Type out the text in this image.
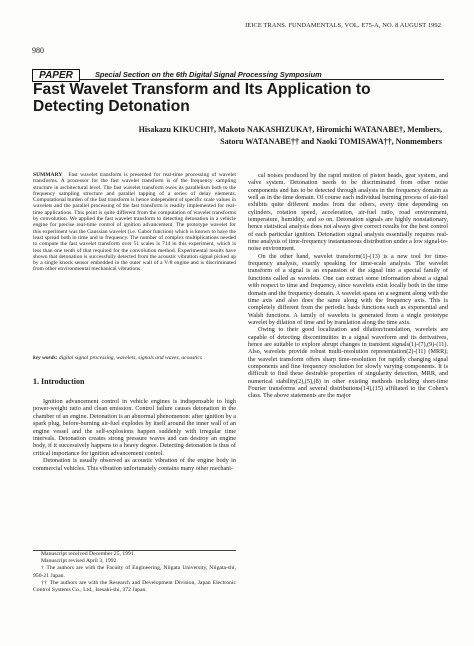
980
IEICE TRANS. FUNDAMENTALS, VOL. E75-A, NO. 8 AUGUST 1992
PAPER	Special Section on the 6th Digital Signal Processing Symposium
Fast Wavelet Transform and Its Application to Detecting Detonation
Hisakazu KIKUCHI†, Makoto NAKASHIZUKA†, Hiromichi WATANABE†, Members,
Satoru WATANABE†† and Naoki TOMISAWA††, Nonmembers
SUMMARY Fast wavelet transform is presented for real-time processing of wavelet transforms. A processor for the fast wavelet transform is of the frequency sampling structure in architectural level. The fast wavelet transform owes its parallelism both to the frequency sampling structure and parallel tapping of a series of delay elements. Computational burden of the fast transform is hence independent of specific scale values in wavelets and the parallel processing of the fast transform is readily implemented for real-time applications. This point is quite different from the computation of wavelet transforms by convolution. We applied the fast wavelet transform to detecting detonation in a vehicle engine for precise real-time control of ignition advancement. The prototype wavelet for this experiment was the Gaussian wavelet (i.e. Gabor function) which is known to have the least spread both in time and in frequency. The number of complex multiplications needed to compute the fast wavelet transform over 51 scales is 714 in this experiment, which is less than one tenth of that required for the convolution method. Experimental results have shown that detonation is successfully detected from the acoustic vibration signal picked up by a single knock sensor embedded in the outer wall of a V/8 engine and is discriminated from other environmental mechanical vibrations.
key words: digital signal processing, wavelets, signals and waves, acoustics
1. Introduction

Ignition advancement control in vehicle engines is indispensable to high power-weight ratio and clean emission. Control failure causes detonation in the chamber of an engine. Detonation is an abnormal phenomenon: after ignition by a spark plug, before-burning air-fuel explodes by itself around the inner wall of an engine vessel and the self-explosions happen suddenly with irregular time intervals. Detonation creates strong pressure waves and can destroy an engine body, if it successively happens to a heavy degree. Detecting detonation is thus of critical importance for ignition advancement control.

Detonation is usually observed as acoustic vibration of the engine body in commercial vehicles. This vibration unfortunately contains many other mechani-

Manuscript received December 25, 1991.
Manuscript revised April 3, 1992.
† The authors are with the Faculty of Engineering, Niigata University, Niigata-shi, 950-21 Japan.
†† The authors are with the Research and Development Division, Japan Electronic Control Systems Co., Ltd., Isesaki-shi, 372 Japan.

cal noises produced by the rapid motion of piston heads, gear system, and valve system. Detonation needs to be discriminated from other noise components and has to be detected through analysis in the frequency domain as well as in the time domain. Of course each individual burning process of air-fuel exhibits quite different modes from the others, every time depending on cylinders, rotation speed, acceleration, air-fuel ratio, road environment, temperature, humidity, and so on. Detonation signals are highly nonstationary, hence statistical analysis does not always give correct results for the best control of each particular ignition. Detonation signal analysis essentially requires real-time analysis of time-frequency instantaneous distribution under a low signal-to-noise environment.

On the other hand, wavelet transform(1)-(13) is a new tool for time-frequency analysis, exactly speaking for time-scale analysis. The wavelet transform of a signal is an expansion of the signal into a special family of functions called as wavelets. One can extract some information about a signal with respect to time and frequency, since wavelets exist locally both in the time domain and the frequency domain. A wavelet spans on a segment along with the time axis and also does the same along with the frequency axis. This is completely different from the periodic basis functions such as exponential and Walsh functions. A family of wavelets is generated from a single prototype wavelet by dilation of time and by translation along the time axis.

Owing to their good localization and dilation/translation, wavelets are capable of detecting discontinuities in a signal waveform and its derivatives, hence are suitable to explore abrupt changes in transient signals(1)-(7),(9)-(11). Also, wavelets provide robust multi-resolution representation(2)-(11) (MRR); the wavelet transform offers sharp time-resolution for rapidly changing signal components and fine frequency resolution for slowly varying components. It is difficult to find these desirable properties of singularity detection, MRR, and numerical stability(2),(5),(8) in other existing methods including short-time Fourier transforms and several distributions(14),(15) affiliated to the Cohen's class. The above statements are the major
